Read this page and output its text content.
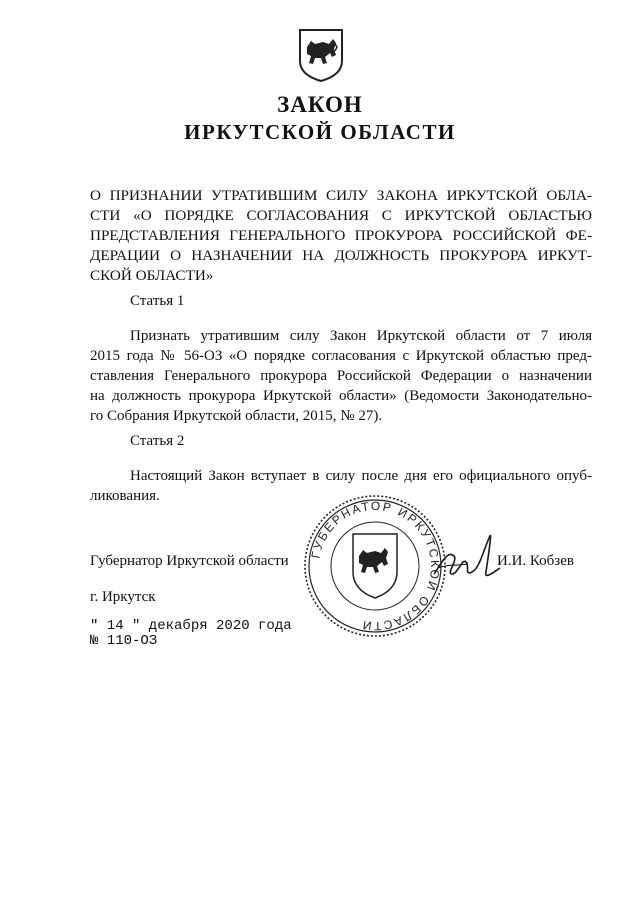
ЗАКОН
ИРКУТСКОЙ ОБЛАСТИ
О ПРИЗНАНИИ УТРАТИВШИМ СИЛУ ЗАКОНА ИРКУТСКОЙ ОБЛА-
СТИ «О ПОРЯДКЕ СОГЛАСОВАНИЯ С ИРКУТСКОЙ ОБЛАСТЬЮ
ПРЕДСТАВЛЕНИЯ ГЕНЕРАЛЬНОГО ПРОКУРОРА РОССИЙСКОЙ ФЕ-
ДЕРАЦИИ О НАЗНАЧЕНИИ НА ДОЛЖНОСТЬ ПРОКУРОРА ИРКУТ-
СКОЙ ОБЛАСТИ»
Статья 1
Признать утратившим силу Закон Иркутской области от 7 июля
2015 года № 56-ОЗ «О порядке согласования с Иркутской областью пред-
ставления Генерального прокурора Российской Федерации о назначении
на должность прокурора Иркутской области» (Ведомости Законодательно-
го Собрания Иркутской области, 2015, № 27).
Статья 2
Настоящий Закон вступает в силу после дня его официального опуб-
ликования.
ГУБЕРНАТОР ИРКУТСКОЙ ОБЛАСТИ
Губернатор Иркутской области	И.И. Кобзев
г. Иркутск
" 14 " декабря 2020 года
№ 110-ОЗ
